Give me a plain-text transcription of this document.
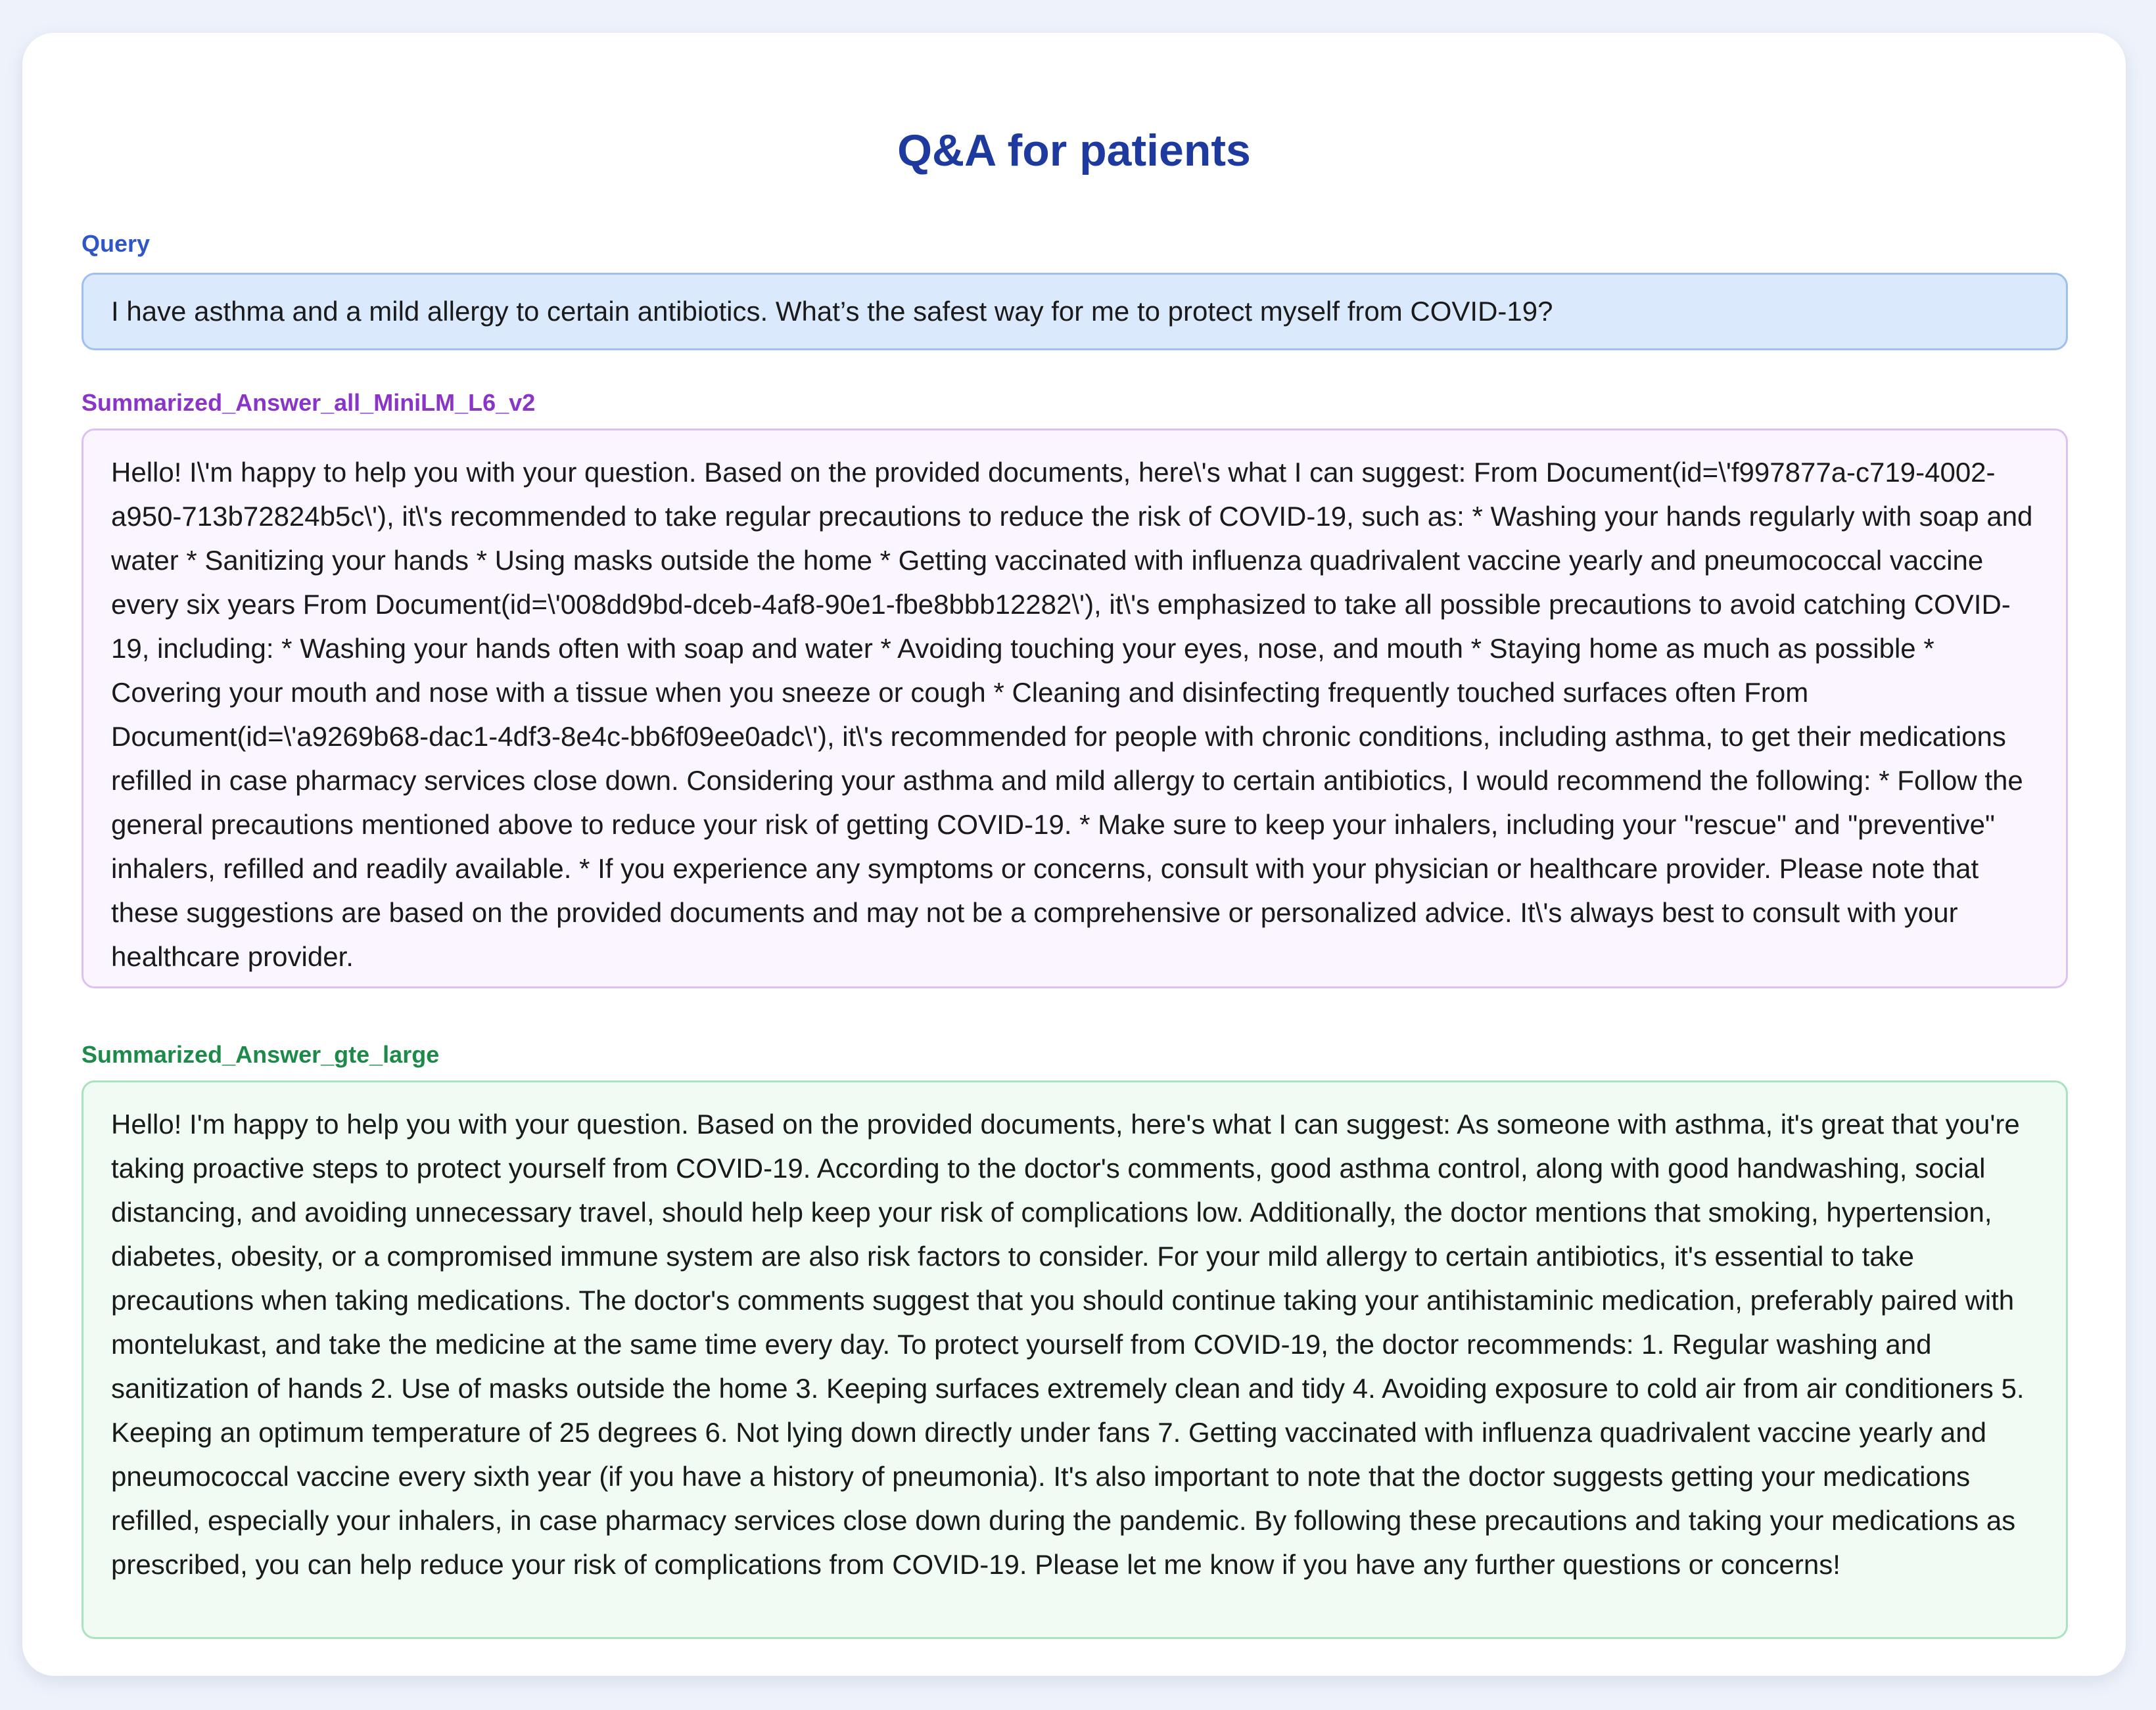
Q&A for patients
Query
I have asthma and a mild allergy to certain antibiotics. What’s the safest way for me to protect myself from COVID-19?
Summarized_Answer_all_MiniLM_L6_v2
Hello! I\'m happy to help you with your question. Based on the provided documents, here\'s what I can suggest: From Document(id=\'f997877a-c719-4002-a950-713b72824b5c\'), it\'s recommended to take regular precautions to reduce the risk of COVID-19, such as: * Washing your hands regularly with soap and water * Sanitizing your hands * Using masks outside the home * Getting vaccinated with influenza quadrivalent vaccine yearly and pneumococcal vaccine every six years From Document(id=\'008dd9bd-dceb-4af8-90e1-fbe8bbb12282\'), it\'s emphasized to take all possible precautions to avoid catching COVID-19, including: * Washing your hands often with soap and water * Avoiding touching your eyes, nose, and mouth * Staying home as much as possible * Covering your mouth and nose with a tissue when you sneeze or cough * Cleaning and disinfecting frequently touched surfaces often From Document(id=\'a9269b68-dac1-4df3-8e4c-bb6f09ee0adc\'), it\'s recommended for people with chronic conditions, including asthma, to get their medications refilled in case pharmacy services close down. Considering your asthma and mild allergy to certain antibiotics, I would recommend the following: * Follow the general precautions mentioned above to reduce your risk of getting COVID-19. * Make sure to keep your inhalers, including your "rescue" and "preventive" inhalers, refilled and readily available. * If you experience any symptoms or concerns, consult with your physician or healthcare provider. Please note that these suggestions are based on the provided documents and may not be a comprehensive or personalized advice. It\'s always best to consult with your healthcare provider.
Summarized_Answer_gte_large
Hello! I'm happy to help you with your question. Based on the provided documents, here's what I can suggest: As someone with asthma, it's great that you're taking proactive steps to protect yourself from COVID-19. According to the doctor's comments, good asthma control, along with good handwashing, social distancing, and avoiding unnecessary travel, should help keep your risk of complications low. Additionally, the doctor mentions that smoking, hypertension, diabetes, obesity, or a compromised immune system are also risk factors to consider. For your mild allergy to certain antibiotics, it's essential to take precautions when taking medications. The doctor's comments suggest that you should continue taking your antihistaminic medication, preferably paired with montelukast, and take the medicine at the same time every day. To protect yourself from COVID-19, the doctor recommends: 1. Regular washing and sanitization of hands 2. Use of masks outside the home 3. Keeping surfaces extremely clean and tidy 4. Avoiding exposure to cold air from air conditioners 5. Keeping an optimum temperature of 25 degrees 6. Not lying down directly under fans 7. Getting vaccinated with influenza quadrivalent vaccine yearly and pneumococcal vaccine every sixth year (if you have a history of pneumonia). It's also important to note that the doctor suggests getting your medications refilled, especially your inhalers, in case pharmacy services close down during the pandemic. By following these precautions and taking your medications as prescribed, you can help reduce your risk of complications from COVID-19. Please let me know if you have any further questions or concerns!
